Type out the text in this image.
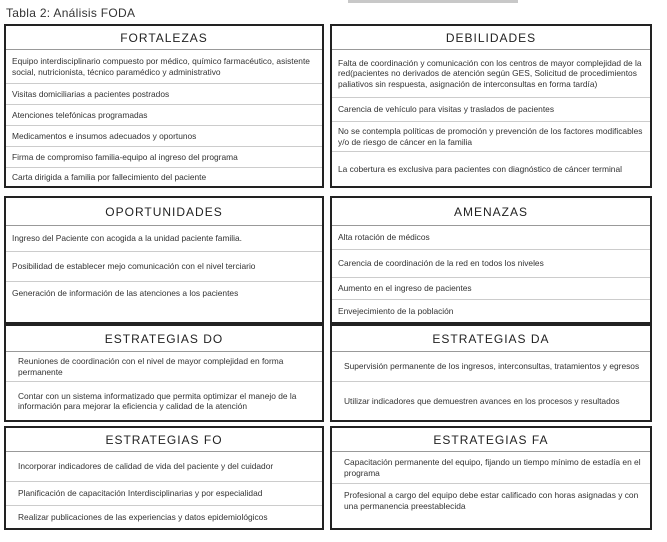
Tabla 2: Análisis FODA
FORTALEZAS
Equipo interdisciplinario compuesto por médico, químico farmacéutico, asistente social, nutricionista, técnico paramédico y administrativo
Visitas domiciliarias a pacientes postrados
Atenciones telefónicas programadas
Medicamentos e insumos adecuados y oportunos
Firma de compromiso familia-equipo al ingreso del programa
Carta dirigida a familia por fallecimiento del paciente
DEBILIDADES
Falta de coordinación y comunicación con los centros de mayor complejidad de la red(pacientes no derivados de atención según GES, Solicitud de procedimientos paliativos sin respuesta, asignación de interconsultas en forma tardía)
Carencia de vehículo para visitas y traslados de pacientes
No se contempla políticas de promoción y prevención de los factores modificables y/o de riesgo de cáncer en la familia
La cobertura es exclusiva para pacientes con diagnóstico de cáncer terminal
OPORTUNIDADES
Ingreso del Paciente con acogida a la unidad paciente familia.
Posibilidad de establecer mejo comunicación con el nivel terciario
Generación de información de las atenciones a los pacientes
AMENAZAS
Alta rotación de médicos
Carencia de coordinación de la red en todos los niveles
Aumento en el ingreso de pacientes
Envejecimiento de la población
ESTRATEGIAS DO
Reuniones de coordinación con el nivel de mayor complejidad en forma permanente
Contar con un sistema informatizado que permita optimizar el manejo de la información para mejorar la eficiencia y calidad de la atención
ESTRATEGIAS DA
Supervisión permanente de los ingresos, interconsultas, tratamientos y egresos
Utilizar indicadores que demuestren avances en los procesos y resultados
ESTRATEGIAS FO
Incorporar indicadores de calidad de vida del paciente y del cuidador
Planificación de capacitación Interdisciplinarias y por especialidad
Realizar publicaciones de las experiencias y datos epidemiológicos
ESTRATEGIAS FA
Capacitación permanente del equipo, fijando un tiempo mínimo de estadía en el programa
Profesional a cargo del equipo debe estar calificado con horas asignadas y con una permanencia preestablecida
